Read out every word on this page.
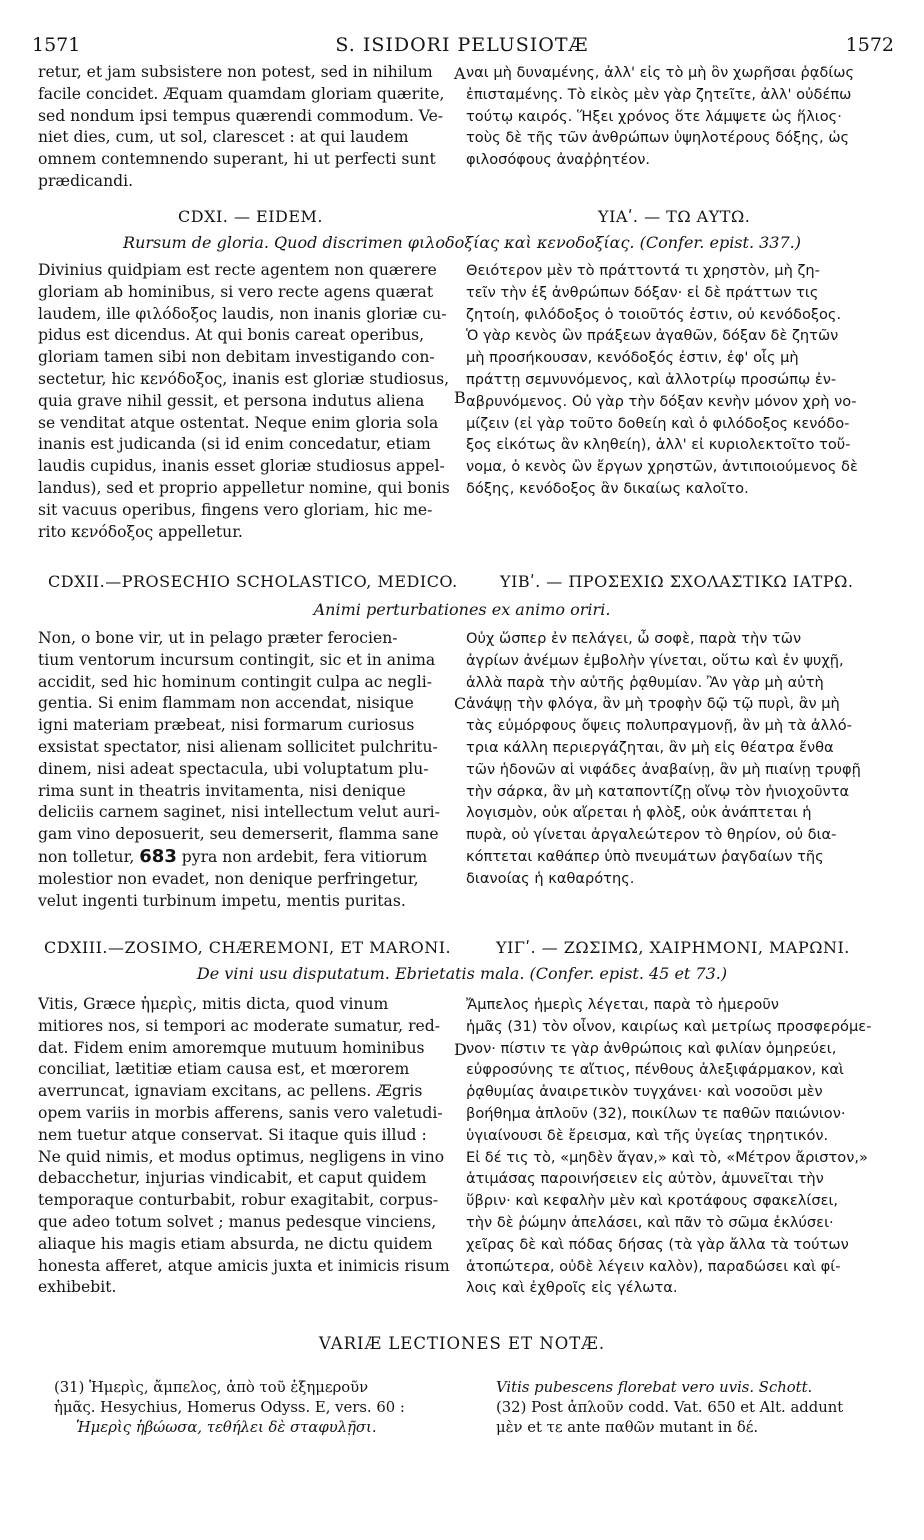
1571	S. ISIDORI PELUSIOTÆ	1572
retur, et jam subsistere non potest, sed in nihilum
facile concidet. Æquam quamdam gloriam quærite,
sed nondum ipsi tempus quærendi commodum. Ve-
niet dies, cum, ut sol, clarescet : at qui laudem
omnem contemnendo superant, hi ut perfecti sunt
prædicandi.
A ναι μὴ δυναμένης, ἀλλ' εἰς τὸ μὴ ὂν χωρῆσαι ῥᾳδίως
ἐπισταμένης. Τὸ εἰκὸς μὲν γὰρ ζητεῖτε, ἀλλ' οὐδέπω
τούτῳ καιρός. Ἥξει χρόνος ὅτε λάμψετε ὡς ἥλιος·
τοὺς δὲ τῆς τῶν ἀνθρώπων ὑψηλοτέρους δόξης, ὡς
φιλοσόφους ἀναῤῥητέον.
CDXI. — EIDEM.	ΥΙΑʹ. — ΤΩ ΑΥΤΩ.
Rursum de gloria. Quod discrimen φιλοδοξίας καὶ κενοδοξίας. (Confer. epist. 337.)
Divinius quidpiam est recte agentem non quærere
gloriam ab hominibus, si vero recte agens quærat
laudem, ille φιλόδοξος laudis, non inanis gloriæ cu-
pidus est dicendus. At qui bonis careat operibus,
gloriam tamen sibi non debitam investigando con-
sectetur, hic κενόδοξος, inanis est gloriæ studiosus,
quia grave nihil gessit, et persona indutus aliena
se venditat atque ostentat. Neque enim gloria sola
inanis est judicanda (si id enim concedatur, etiam
laudis cupidus, inanis esset gloriæ studiosus appel-
landus), sed et proprio appelletur nomine, qui bonis
sit vacuus operibus, fingens vero gloriam, hic me-
rito κενόδοξος appelletur.
B
Θειότερον μὲν τὸ πράττοντά τι χρηστὸν, μὴ ζη-
τεῖν τὴν ἐξ ἀνθρώπων δόξαν· εἰ δὲ πράττων τις
ζητοίη, φιλόδοξος ὁ τοιοῦτός ἐστιν, οὐ κενόδοξος.
Ὁ γὰρ κενὸς ὢν πράξεων ἀγαθῶν, δόξαν δὲ ζητῶν
μὴ προσήκουσαν, κενόδοξός ἐστιν, ἐφ' οἷς μὴ
πράττῃ σεμνυνόμενος, καὶ ἀλλοτρίῳ προσώπῳ ἐν-
αβρυνόμενος. Οὐ γὰρ τὴν δόξαν κενὴν μόνον χρὴ νο-
μίζειν (εἰ γὰρ τοῦτο δοθείη καὶ ὁ φιλόδοξος κενόδο-
ξος εἰκότως ἂν κληθείη), ἀλλ' εἰ κυριολεκτοῖτο τοὔ-
νομα, ὁ κενὸς ὢν ἔργων χρηστῶν, ἀντιποιούμενος δὲ
δόξης, κενόδοξος ἂν δικαίως καλοῖτο.
CDXII.—PROSECHIO SCHOLASTICO, MEDICO.	ΥΙΒʹ. — ΠΡΟΣΕΧΙΩ ΣΧΟΛΑΣΤΙΚΩ ΙΑΤΡΩ.
Animi perturbationes ex animo oriri.
Non, o bone vir, ut in pelago præter ferocien-
tium ventorum incursum contingit, sic et in anima
accidit, sed hic hominum contingit culpa ac negli-
gentia. Si enim flammam non accendat, nisique
igni materiam præbeat, nisi formarum curiosus
exsistat spectator, nisi alienam sollicitet pulchritu-
dinem, nisi adeat spectacula, ubi voluptatum plu-
rima sunt in theatris invitamenta, nisi denique
deliciis carnem saginet, nisi intellectum velut auri-
gam vino deposuerit, seu demerserit, flamma sane
non tolletur, 683 pyra non ardebit, fera vitiorum
molestior non evadet, non denique perfringetur,
velut ingenti turbinum impetu, mentis puritas.
C
Οὐχ ὥσπερ ἐν πελάγει, ὦ σοφὲ, παρὰ τὴν τῶν
ἀγρίων ἀνέμων ἐμβολὴν γίνεται, οὕτω καὶ ἐν ψυχῇ,
ἀλλὰ παρὰ τὴν αὐτῆς ῥᾳθυμίαν. Ἂν γὰρ μὴ αὐτὴ
ἀνάψῃ τὴν φλόγα, ἂν μὴ τροφὴν δῷ τῷ πυρὶ, ἂν μὴ
τὰς εὐμόρφους ὄψεις πολυπραγμονῇ, ἂν μὴ τὰ ἀλλό-
τρια κάλλη περιεργάζηται, ἂν μὴ εἰς θέατρα ἔνθα
τῶν ἡδονῶν αἱ νιφάδες ἀναβαίνῃ, ἂν μὴ πιαίνῃ τρυφῇ
τὴν σάρκα, ἂν μὴ καταποντίζῃ οἴνῳ τὸν ἡνιοχοῦντα
λογισμὸν, οὐκ αἴρεται ἡ φλὸξ, οὐκ ἀνάπτεται ἡ
πυρὰ, οὐ γίνεται ἀργαλεώτερον τὸ θηρίον, οὐ δια-
κόπτεται καθάπερ ὑπὸ πνευμάτων ῥαγδαίων τῆς
διανοίας ἡ καθαρότης.
CDXIII.—ZOSIMO, CHÆREMONI, ET MARONI.	ΥΙΓʹ. — ΖΩΣΙΜΩ, ΧΑΙΡΗΜΟΝΙ, ΜΑΡΩΝΙ.
De vini usu disputatum. Ebrietatis mala. (Confer. epist. 45 et 73.)
Vitis, Græce ἡμερὶς, mitis dicta, quod vinum
mitiores nos, si tempori ac moderate sumatur, red-
dat. Fidem enim amoremque mutuum hominibus
conciliat, lætitiæ etiam causa est, et mœrorem
averruncat, ignaviam excitans, ac pellens. Ægris
opem variis in morbis afferens, sanis vero valetudi-
nem tuetur atque conservat. Si itaque quis illud :
Ne quid nimis, et modus optimus, negligens in vino
debacchetur, injurias vindicabit, et caput quidem
temporaque conturbabit, robur exagitabit, corpus-
que adeo totum solvet ; manus pedesque vinciens,
aliaque his magis etiam absurda, ne dictu quidem
honesta afferet, atque amicis juxta et inimicis risum
exhibebit.
D
Ἄμπελος ἡμερὶς λέγεται, παρὰ τὸ ἡμεροῦν
ἡμᾶς (31) τὸν οἶνον, καιρίως καὶ μετρίως προσφερόμε-
νον· πίστιν τε γὰρ ἀνθρώποις καὶ φιλίαν ὁμηρεύει,
εὐφροσύνης τε αἴτιος, πένθους ἀλεξιφάρμακον, καὶ
ῥᾳθυμίας ἀναιρετικὸν τυγχάνει· καὶ νοσοῦσι μὲν
βοήθημα ἁπλοῦν (32), ποικίλων τε παθῶν παιώνιον·
ὑγιαίνουσι δὲ ἔρεισμα, καὶ τῆς ὑγείας τηρητικόν.
Εἰ δέ τις τὸ, «μηδὲν ἄγαν,» καὶ τὸ, «Μέτρον ἄριστον,»
ἀτιμάσας παροινήσειεν εἰς αὐτὸν, ἀμυνεῖται τὴν
ὕβριν· καὶ κεφαλὴν μὲν καὶ κροτάφους σφακελίσει,
τὴν δὲ ῥώμην ἀπελάσει, καὶ πᾶν τὸ σῶμα ἐκλύσει·
χεῖρας δὲ καὶ πόδας δήσας (τὰ γὰρ ἄλλα τὰ τούτων
ἀτοπώτερα, οὐδὲ λέγειν καλὸν), παραδώσει καὶ φί-
λοις καὶ ἐχθροῖς εἰς γέλωτα.
VARIÆ LECTIONES ET NOTÆ.
(31) Ἡμερὶς, ἄμπελος, ἀπὸ τοῦ ἐξημεροῦν
ἡμᾶς. Hesychius, Homerus Odyss. E, vers. 60 :
Ἡμερὶς ἡβώωσα, τεθήλει δὲ σταφυλῇσι.
Vitis pubescens florebat vero uvis. Schott.
(32) Post ἁπλοῦν codd. Vat. 650 et Alt. addunt
μὲν et τε ante παθῶν mutant in δέ.
